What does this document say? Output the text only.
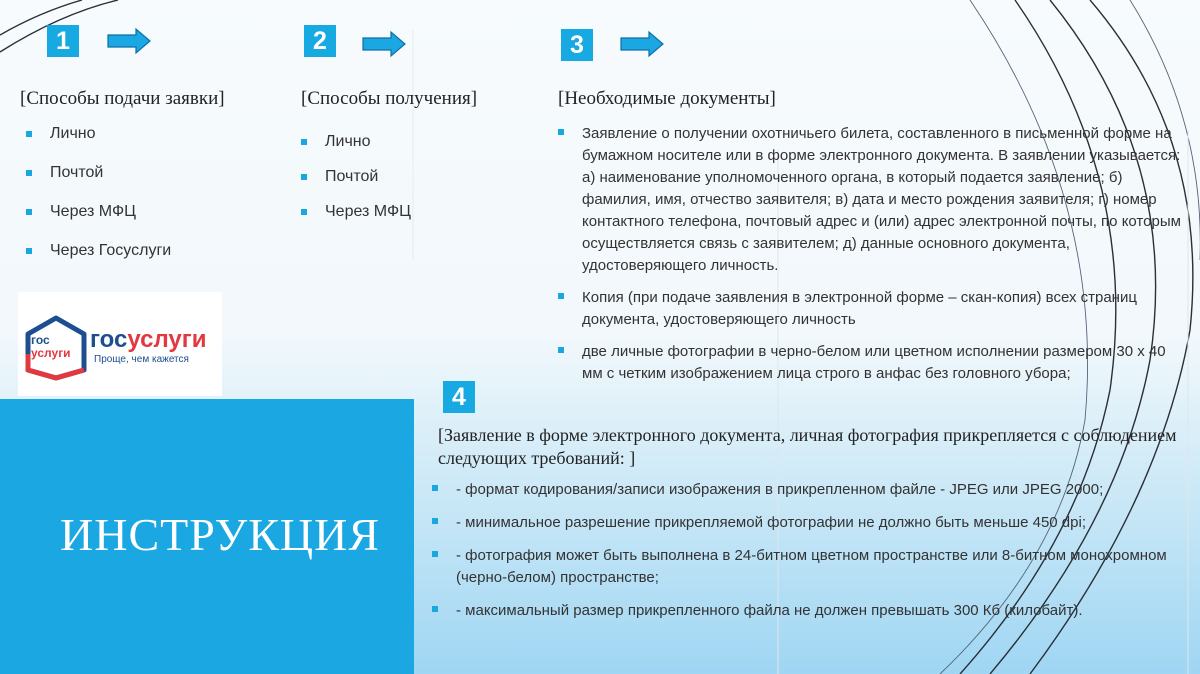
1
[Способы подачи заявки]
Лично
Почтой
Через МФЦ
Через Госуслуги
2
[Способы получения]
Лично
Почтой
Через МФЦ
3
[Необходимые документы]
Заявление о получении охотничьего билета, составленного в письменной форме на бумажном носителе или в форме электронного документа. В заявлении указывается: а) наименование уполномоченного органа, в который подается заявление; б) фамилия, имя, отчество заявителя; в) дата и место рождения заявителя; г) номер контактного телефона, почтовый адрес и (или) адрес электронной почты, по которым осуществляется связь с заявителем; д) данные основного документа, удостоверяющего личность.
Копия (при подаче заявления в электронной форме – скан-копия) всех страниц документа, удостоверяющего личность
две личные фотографии в черно-белом или цветном исполнении размером 30 х 40 мм с четким изображением лица строго в анфас без головного убора;
гос
услуги госуслуги
Проще, чем кажется
ИНСТРУКЦИЯ
4
[Заявление в форме электронного документа, личная фотография прикрепляется с соблюдением следующих требований: ]
- формат кодирования/записи изображения в прикрепленном файле - JPEG или JPEG 2000;
- минимальное разрешение прикрепляемой фотографии не должно быть меньше 450 dpi;
- фотография может быть выполнена в 24-битном цветном пространстве или 8-битном монохромном (черно-белом) пространстве;
- максимальный размер прикрепленного файла не должен превышать 300 Кб (килобайт).
